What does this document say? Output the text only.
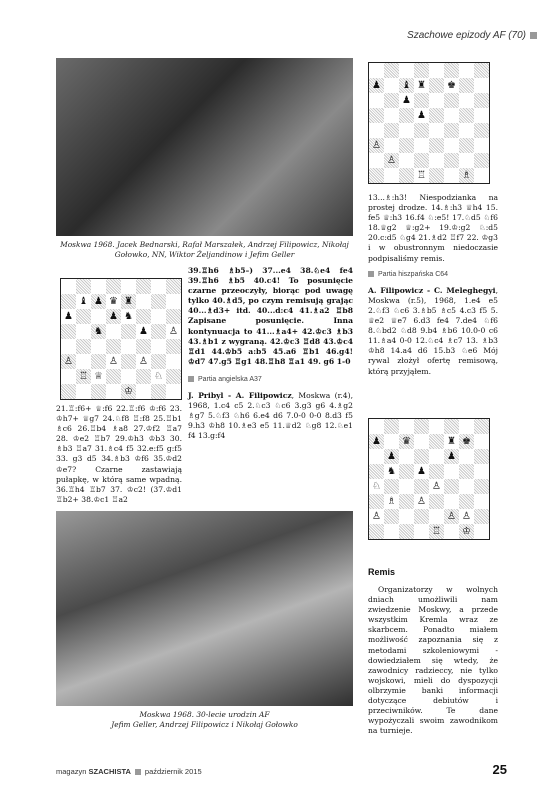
Szachowe epizody AF (70)
Moskwa 1968. Jacek Bednarski, Rafał Marszałek, Andrzej Filipowicz, Nikołaj Gołowko, NN, Wiktor Żeljandinow i Jefim Geller
♝ ♟ ♛ ♜
♟	♟ ♞
♞	♟	♙
♙	♙	♙
♖ ♕	♘
♔
♟	♝ ♜	♚
♟
♟
♙
♙
♖	♗
♟	♛	♜ ♚
♟	♟
♞	♟
♘	♙
♗	♙
♙	♙ ♙
♖	♔

21.♖:f6+ ♕:f6 22.♖:f6 ♔:f6 23. ♔h7+ ♕g7 24.♘f8 ♖:f8 25.♖b1 ♗c6 26.♖b4 ♗a8 27.♔f2 ♖a7 28. ♔e2 ♖b7 29.♔h3 ♔b3 30. ♗b3 ♖a7 31.♗c4 f5 32.e:f5 g:f5 33. g3 d5 34.♗b3 ♔f6 35.♔d2 ♔e7? Czarne zastawiają pułapkę, w którą same wpadną. 36.♖h4 ♖b7 37. ♔c2! (37.♔d1 ♖b2+ 38.♔c1 ♖a2

39.♖h6 ♗b5–) 37...e4 38.♘e4 fe4 39.♖h6 ♗b5 40.c4! To posunięcie czarne przeoczyły, biorąc pod uwagę tylko 40.♗d5, po czym remisują grając 40...♗d3+ itd. 40...d:c4 41.♗a2 ♖b8 Zapisane posunięcie. Inna kontynuacja to 41...♗a4+ 42.♔c3 ♗b3 43.♗b1 z wygraną. 42.♔c3 ♖d8 43.♔c4 ♖d1 44.♔b5 a:b5 45.a6 ♖b1 46.g4! ♔d7 47.g5 ♖g1 48.♖h8 ♖a1 49. g6 1-0

Partia angielska A37

J. Pribyl - A. Filipowicz, Moskwa (r.4), 1968, 1.c4 c5 2.♘c3 ♘c6 3.g3 g6 4.♗g2 ♗g7 5.♘f3 ♘h6 6.e4 d6 7.0-0 0-0 8.d3 f5 9.h3 ♔h8 10.♗e3 e5 11.♕d2 ♘g8 12.♘e1 f4 13.g:f4

13...♗:h3! Niespodzianka na prostej drodze. 14.♗:h3 ♕h4 15. fe5 ♕:h3 16.f4 ♘:e5! 17.♘d5 ♘f6 18.♕g2 ♕:g2+ 19.♔:g2 ♘:d5 20.c:d5 ♘g4 21.♗d2 ♖f7 22. ♔g3 i w obustronnym niedoczasie podpisaliśmy remis.

Partia hiszpańska C64

A. Filipowicz - C. Meleghegyi, Moskwa (r.5), 1968, 1.e4 e5 2.♘f3 ♘c6 3.♗b5 ♗c5 4.c3 f5 5. ♕e2 ♕e7 6.d3 fe4 7.de4 ♘f6 8.♘bd2 ♘d8 9.b4 ♗b6 10.0-0 c6 11.♗a4 0-0 12.♘c4 ♗c7 13. ♗b3 ♔h8 14.a4 d6 15.b3 ♘e6 Mój rywal złożył ofertę remisową, którą przyjąłem.

Moskwa 1968. 30-lecie urodzin AF
Jefim Geller, Andrzej Filipowicz i Nikołaj Gołowko
Remis

Organizatorzy w wolnych dniach umożliwili nam zwiedzenie Moskwy, a przede wszystkim Kremla wraz ze skarbcem. Ponadto miałem możliwość zapoznania się z metodami szkoleniowymi - dowiedziałem się wtedy, że zawodnicy radzieccy, nie tylko wojskowi, mieli do dyspozycji olbrzymie banki informacji dotyczące debiutów i przeciwników. Te dane wypożyczali swoim zawodnikom na turnieje.

magazyn SZACHISTA październik 2015	25
